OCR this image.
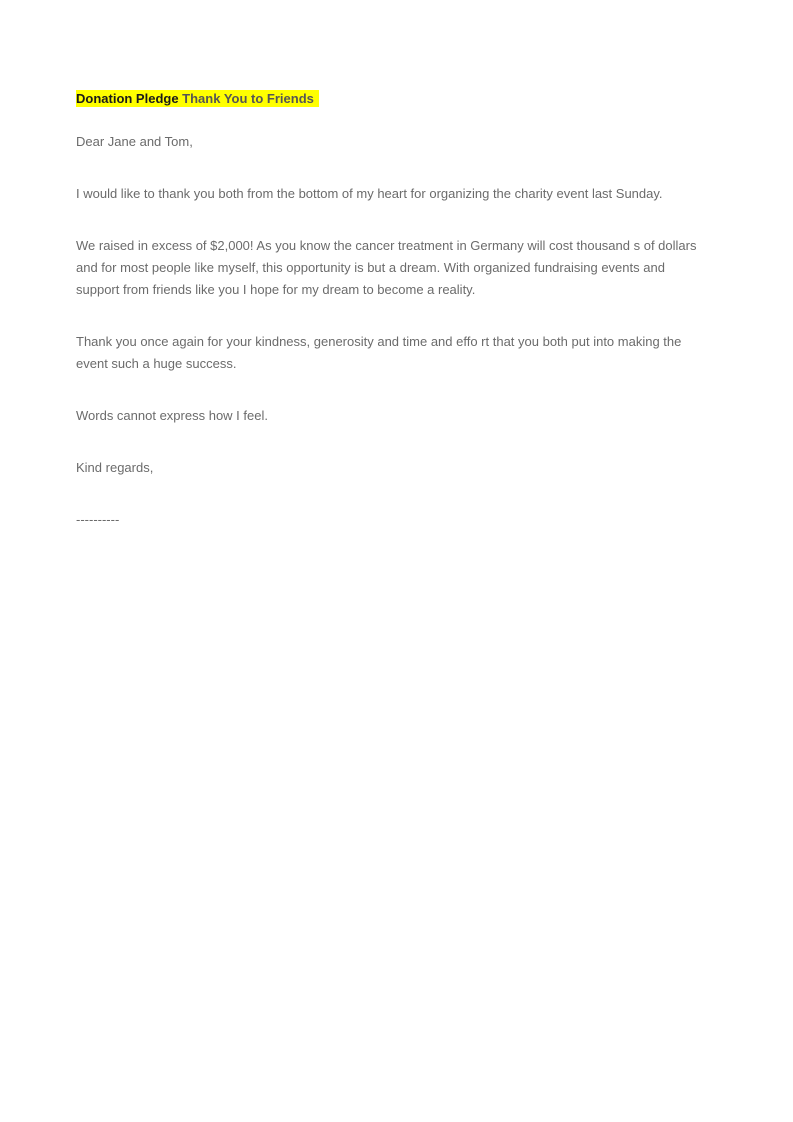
Donation Pledge Thank You to Friends
Dear Jane and Tom,
I would like to thank you both from the bottom of my heart for organizing the charity event last Sunday.
We raised in excess of $2,000! As you know the cancer treatment in Germany will cost thousand s of dollars
and for most people like myself, this opportunity is but a dream. With organized fundraising events and
support from friends like you I hope for my dream to become a reality.
Thank you once again for your kindness, generosity and time and effo rt that you both put into making the
event such a huge success.
Words cannot express how I feel.
Kind regards,
----------
